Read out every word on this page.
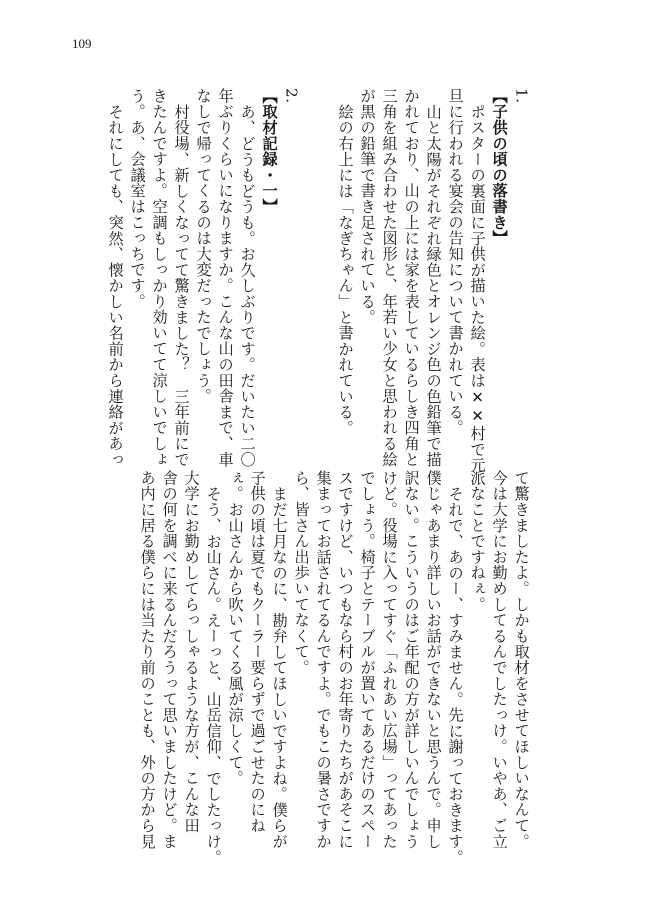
109
1.
【子供の頃の落書き】
ポスターの裏面に子供が描いた絵。表は✕✕村で元
旦に行われる宴会の告知について書かれている。
山と太陽がそれぞれ緑色とオレンジ色の色鉛筆で描
かれており、山の上には家を表しているらしき四角と
三角を組み合わせた図形と、年若い少女と思われる絵
が黒の鉛筆で書き足されている。
絵の右上には「なぎちゃん」と書かれている。
2.
【取材記録・一】
あ、どうもどうも。お久しぶりです。だいたい二〇
年ぶりくらいになりますか。こんな山の田舎まで、車
なしで帰ってくるのは大変だったでしょう。
村役場、新しくなってて驚きました？　三年前にで
きたんですよ。空調もしっかり効いてて涼しいでしょ
う。あ、会議室はこっちです。
それにしても、突然、懐かしい名前から連絡があっ
て驚きましたよ。しかも取材をさせてほしいなんて。
今は大学にお勤めしてるんでしたっけ。いやあ、ご立
派なことですねぇ。
それで、あのー、すみません。先に謝っておきます。
僕じゃあまり詳しいお話ができないと思うんで。申し
訳ない。こういうのはご年配の方が詳しいんでしょう
けど。役場に入ってすぐ「ふれあい広場」ってあった
でしょう。椅子とテーブルが置いてあるだけのスペー
スですけど、いつもなら村のお年寄りたちがあそこに
集まってお話されてるんですよ。でもこの暑さですか
ら、皆さん出歩いてなくて。
まだ七月なのに、勘弁してほしいですよね。僕らが
子供の頃は夏でもクーラー要らずで過ごせたのにね
ぇ。お山さんから吹いてくる風が涼しくて。
そう、お山さん。えーっと、山岳信仰、でしたっけ。
大学にお勤めしてらっしゃるような方が、こんな田
舎の何を調べに来るんだろうって思いましたけど。ま
あ内に居る僕らには当たり前のことも、外の方から見
